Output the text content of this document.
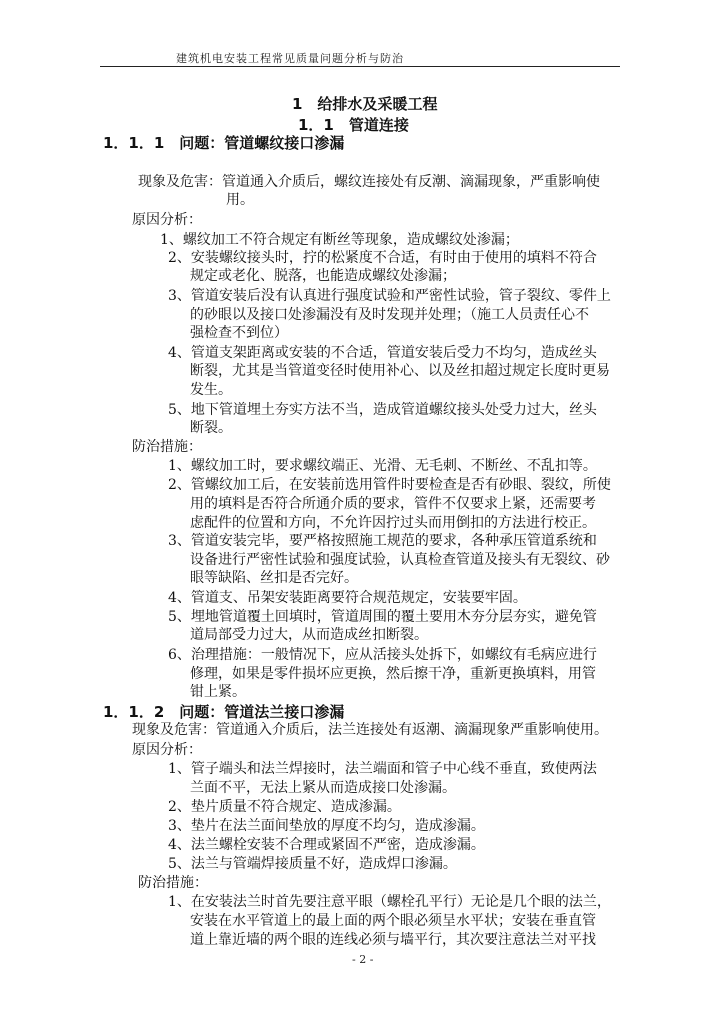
建筑机电安装工程常见质量问题分析与防治
1　给排水及采暖工程
1．1　管道连接
1．1．1　问题：管道螺纹接口渗漏
现象及危害：管道通入介质后，螺纹连接处有反潮、滴漏现象，严重影响使
用。
原因分析：
1、螺纹加工不符合规定有断丝等现象，造成螺纹处渗漏；
2、安装螺纹接头时，拧的松紧度不合适，有时由于使用的填料不符合
规定或老化、脱落，也能造成螺纹处渗漏；
3、管道安装后没有认真进行强度试验和严密性试验，管子裂纹、零件上
的砂眼以及接口处渗漏没有及时发现并处理；（施工人员责任心不
强检查不到位）
4、管道支架距离或安装的不合适，管道安装后受力不均匀，造成丝头
断裂，尤其是当管道变径时使用补心、以及丝扣超过规定长度时更易
发生。
5、地下管道埋土夯实方法不当，造成管道螺纹接头处受力过大，丝头
断裂。
防治措施：
1、螺纹加工时，要求螺纹端正、光滑、无毛刺、不断丝、不乱扣等。
2、管螺纹加工后，在安装前选用管件时要检查是否有砂眼、裂纹，所使
用的填料是否符合所通介质的要求，管件不仅要求上紧，还需要考
虑配件的位置和方向，不允许因拧过头而用倒扣的方法进行校正。
3、管道安装完毕，要严格按照施工规范的要求，各种承压管道系统和
设备进行严密性试验和强度试验，认真检查管道及接头有无裂纹、砂
眼等缺陷、丝扣是否完好。
4、管道支、吊架安装距离要符合规范规定，安装要牢固。
5、埋地管道覆土回填时，管道周围的覆土要用木夯分层夯实，避免管
道局部受力过大，从而造成丝扣断裂。
6、治理措施：一般情况下，应从活接头处拆下，如螺纹有毛病应进行
修理，如果是零件损坏应更换，然后擦干净，重新更换填料，用管
钳上紧。
1．1．2　问题：管道法兰接口渗漏
现象及危害：管道通入介质后，法兰连接处有返潮、滴漏现象严重影响使用。
原因分析：
1、管子端头和法兰焊接时，法兰端面和管子中心线不垂直，致使两法
兰面不平，无法上紧从而造成接口处渗漏。
2、垫片质量不符合规定、造成渗漏。
3、垫片在法兰面间垫放的厚度不均匀，造成渗漏。
4、法兰螺栓安装不合理或紧固不严密，造成渗漏。
5、法兰与管端焊接质量不好，造成焊口渗漏。
防治措施：
1、在安装法兰时首先要注意平眼（螺栓孔平行）无论是几个眼的法兰，
安装在水平管道上的最上面的两个眼必须呈水平状；安装在垂直管
道上靠近墙的两个眼的连线必须与墙平行，其次要注意法兰对平找
- 2 -
